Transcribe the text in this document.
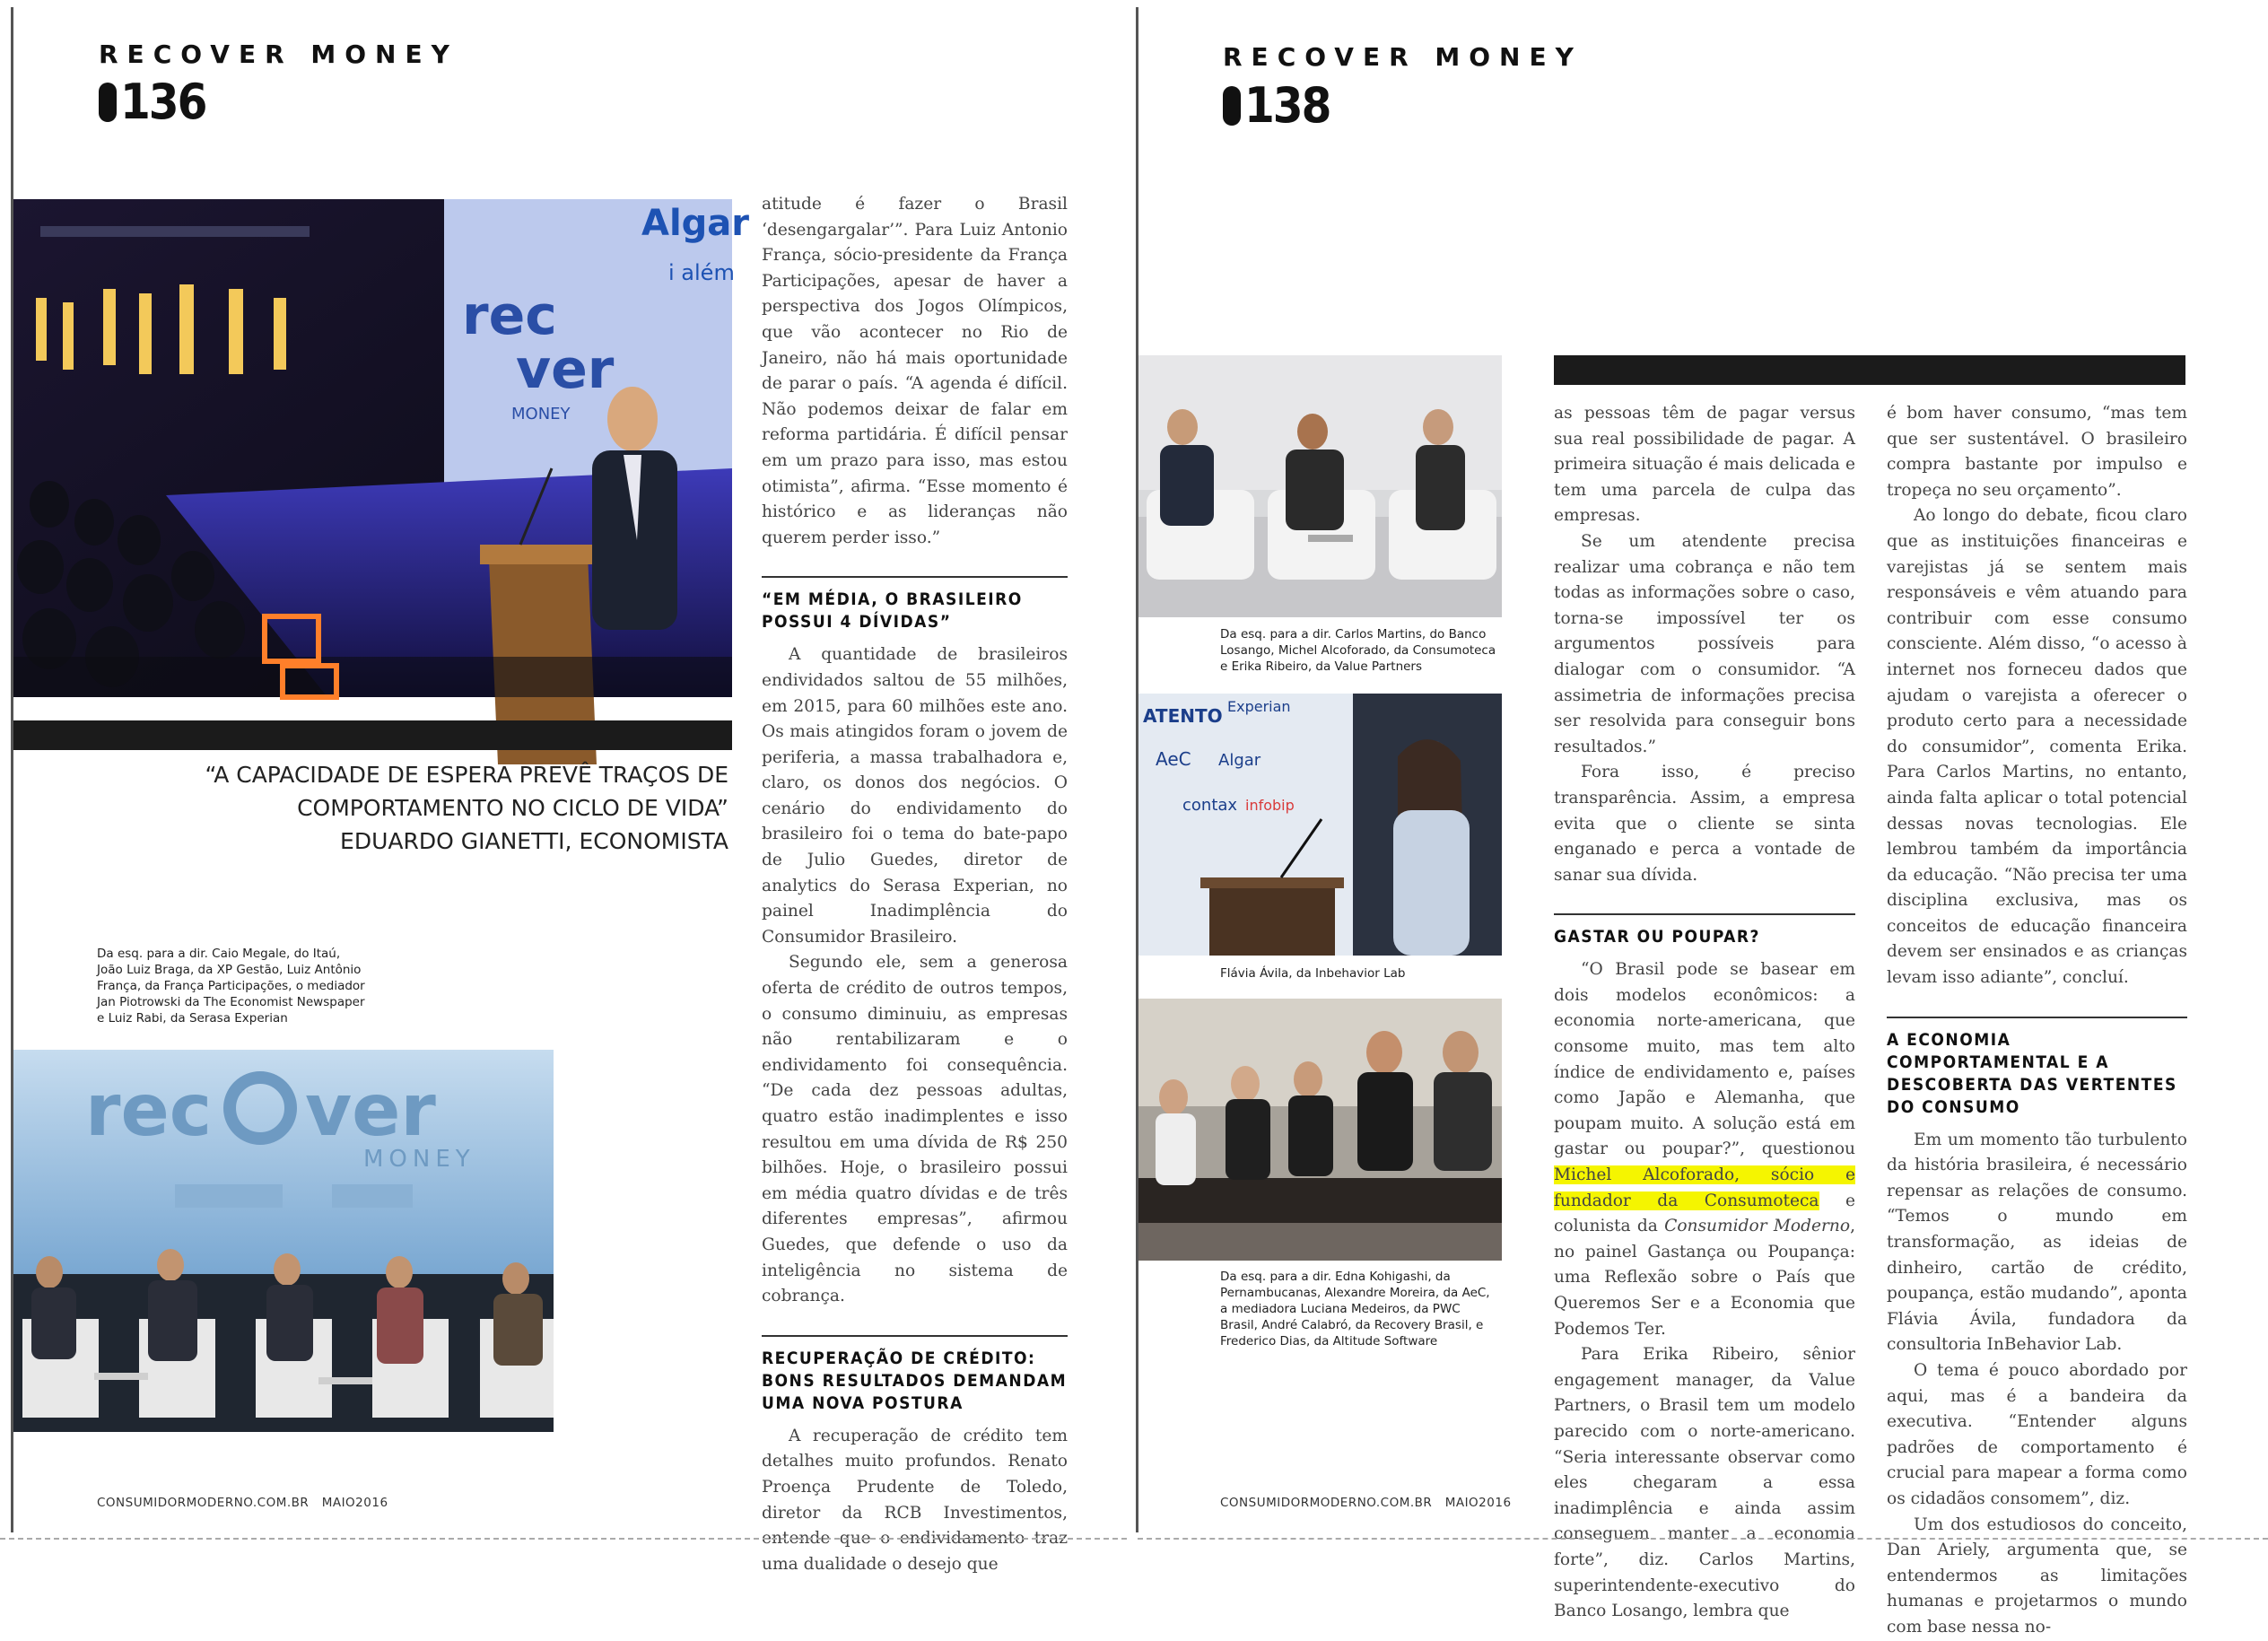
RECOVER MONEY
136
rec
ver
MONEY
Algar
i além
“A CAPACIDADE DE ESPERA PREVÊ TRAÇOS DE
COMPORTAMENTO NO CICLO DE VIDA”
EDUARDO GIANETTI, ECONOMISTA
Da esq. para a dir. Caio Megale, do Itaú,
João Luiz Braga, da XP Gestão, Luiz Antônio
França, da França Participações, o mediador
Jan Piotrowski da The Economist Newspaper
e Luiz Rabi, da Serasa Experian
rec ver
MONEY

atitude é fazer o Brasil ‘desengargalar’”. Para Luiz Antonio França, sócio-presidente da França Participações, apesar de haver a perspectiva dos Jogos Olímpicos, que vão acontecer no Rio de Janeiro, não há mais oportunidade de parar o país. “A agenda é difícil. Não podemos deixar de falar em reforma partidária. É difícil pensar em um prazo para isso, mas estou otimista”, afirma. “Esse momento é histórico e as lideranças não querem perder isso.”

“EM MÉDIA, O BRASILEIRO POSSUI 4 DÍVIDAS”

A quantidade de brasileiros endividados saltou de 55 milhões, em 2015, para 60 milhões este ano. Os mais atingidos foram o jovem de periferia, a massa trabalhadora e, claro, os donos dos negócios. O cenário do endividamento do brasileiro foi o tema do bate-papo de Julio Guedes, diretor de analytics do Serasa Experian, no painel Inadimplência do Consumidor Brasileiro.

Segundo ele, sem a generosa oferta de crédito de outros tempos, o consumo diminuiu, as empresas não rentabilizaram e o endividamento foi consequência. “De cada dez pessoas adultas, quatro estão inadimplentes e isso resultou em uma dívida de R$ 250 bilhões. Hoje, o brasileiro possui em média quatro dívidas e de três diferentes empresas”, afirmou Guedes, que defende o uso da inteligência no sistema de cobrança.

RECUPERAÇÃO DE CRÉDITO: BONS RESULTADOS DEMANDAM UMA NOVA POSTURA

A recuperação de crédito tem detalhes muito profundos. Renato Proença Prudente de Toledo, diretor da RCB Investimentos, entende que o endividamento traz uma dualidade o desejo que

CONSUMIDORMODERNO.COM.BR MAIO2016
RECOVER MONEY
138
Da esq. para a dir. Carlos Martins, do Banco
Losango, Michel Alcoforado, da Consumoteca
e Erika Ribeiro, da Value Partners
ATENTO Experian
AeC Algar
contax infobip
Flávia Ávila, da Inbehavior Lab
Da esq. para a dir. Edna Kohigashi, da
Pernambucanas, Alexandre Moreira, da AeC,
a mediadora Luciana Medeiros, da PWC
Brasil, André Calabró, da Recovery Brasil, e
Frederico Dias, da Altitude Software

as pessoas têm de pagar versus sua real possibilidade de pagar. A primeira situação é mais delicada e tem uma parcela de culpa das empresas.

Se um atendente precisa realizar uma cobrança e não tem todas as informações sobre o caso, torna-se impossível ter os argumentos possíveis para dialogar com o consumidor. “A assimetria de informações precisa ser resolvida para conseguir bons resultados.”

Fora isso, é preciso transparência. Assim, a empresa evita que o cliente se sinta enganado e perca a vontade de sanar sua dívida.

GASTAR OU POUPAR?

“O Brasil pode se basear em dois modelos econômicos: a economia norte-americana, que consome muito, mas tem alto índice de endividamento e, países como Japão e Alemanha, que poupam muito. A solução está em gastar ou poupar?”, questionou Michel Alcoforado, sócio e fundador da Consumoteca e colunista da Consumidor Moderno, no painel Gastança ou Poupança: uma Reflexão sobre o País que Queremos Ser e a Economia que Podemos Ter.

Para Erika Ribeiro, sênior engagement manager, da Value Partners, o Brasil tem um modelo parecido com o norte-americano. “Seria interessante observar como eles chegaram a essa inadimplência e ainda assim conseguem manter a economia forte”, diz. Carlos Martins, superintendente-executivo do Banco Losango, lembra que

é bom haver consumo, “mas tem que ser sustentável. O brasileiro compra bastante por impulso e tropeça no seu orçamento”.

Ao longo do debate, ficou claro que as instituições financeiras e varejistas já se sentem mais responsáveis e vêm atuando para contribuir com esse consumo consciente. Além disso, “o acesso à internet nos forneceu dados que ajudam o varejista a oferecer o produto certo para a necessidade do consumidor”, comenta Erika. Para Carlos Martins, no entanto, ainda falta aplicar o total potencial dessas novas tecnologias. Ele lembrou também da importância da educação. “Não precisa ter uma disciplina exclusiva, mas os conceitos de educação financeira devem ser ensinados e as crianças levam isso adiante”, concluí.

A ECONOMIA COMPORTAMENTAL E A DESCOBERTA DAS VERTENTES DO CONSUMO

Em um momento tão turbulento da história brasileira, é necessário repensar as relações de consumo. “Temos o mundo em transformação, as ideias de dinheiro, cartão de crédito, poupança, estão mudando”, aponta Flávia Ávila, fundadora da consultoria InBehavior Lab.

O tema é pouco abordado por aqui, mas é a bandeira da executiva. “Entender alguns padrões de comportamento é crucial para mapear a forma como os cidadãos consomem”, diz.

Um dos estudiosos do conceito, Dan Ariely, argumenta que, se entendermos as limitações humanas e projetarmos o mundo com base nessa no-

CONSUMIDORMODERNO.COM.BR MAIO2016
